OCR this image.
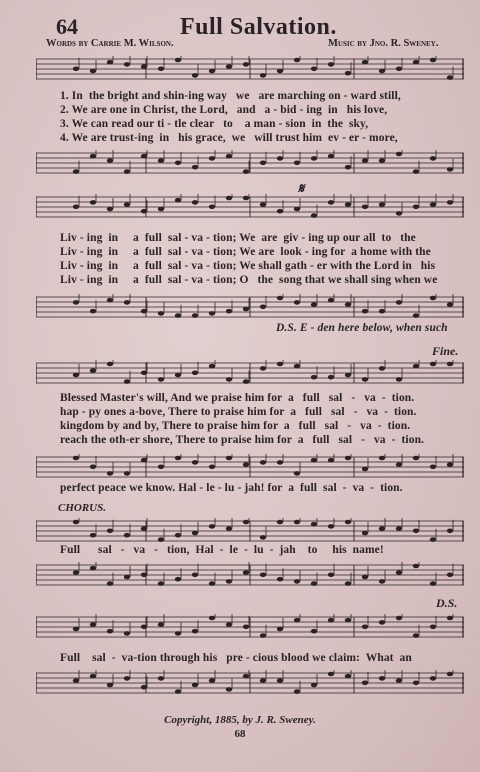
64	Full Salvation.
Words by Carrie M. Wilson.	Music by Jno. R. Sweney.
1. In  the bright and shin-ing way   we   are marching on - ward still,
2. We are one in Christ, the Lord,   and   a - bid - ing  in   his love,
3. We can read our ti - tle clear   to    a man - sion  in  the  sky,
4. We are trust-ing  in   his grace,  we   will trust him  ev - er - more,
𝄋
Liv - ing  in     a  full  sal - va - tion; We  are  giv - ing up our all  to   the
Liv - ing  in     a  full  sal - va - tion; We are  look - ing for  a home with the
Liv - ing  in     a  full  sal - va - tion; We shall gath - er with the Lord in   his
Liv - ing  in     a  full  sal - va - tion; O   the  song that we shall sing when we
D.S. E - den here below, when such
Fine.
Blessed Master's will, And we praise him for  a   full   sal   -   va  -  tion.
hap - py ones a-bove, There to praise him for  a   full   sal   -   va  -  tion.
kingdom by and by, There to praise him for  a   full   sal   -   va  -  tion.
reach the oth-er shore, There to praise him for  a   full   sal   -   va  -  tion.
perfect peace we know. Hal - le - lu - jah! for  a  full  sal  -  va  -  tion.
CHORUS.
Full      sal   -   va   -   tion,  Hal  -  le  -  lu  -  jah    to     his  name!
D.S.
Full    sal  -  va-tion through his   pre - cious blood we claim:  What  an
Copyright, 1885, by J. R. Sweney.
68
